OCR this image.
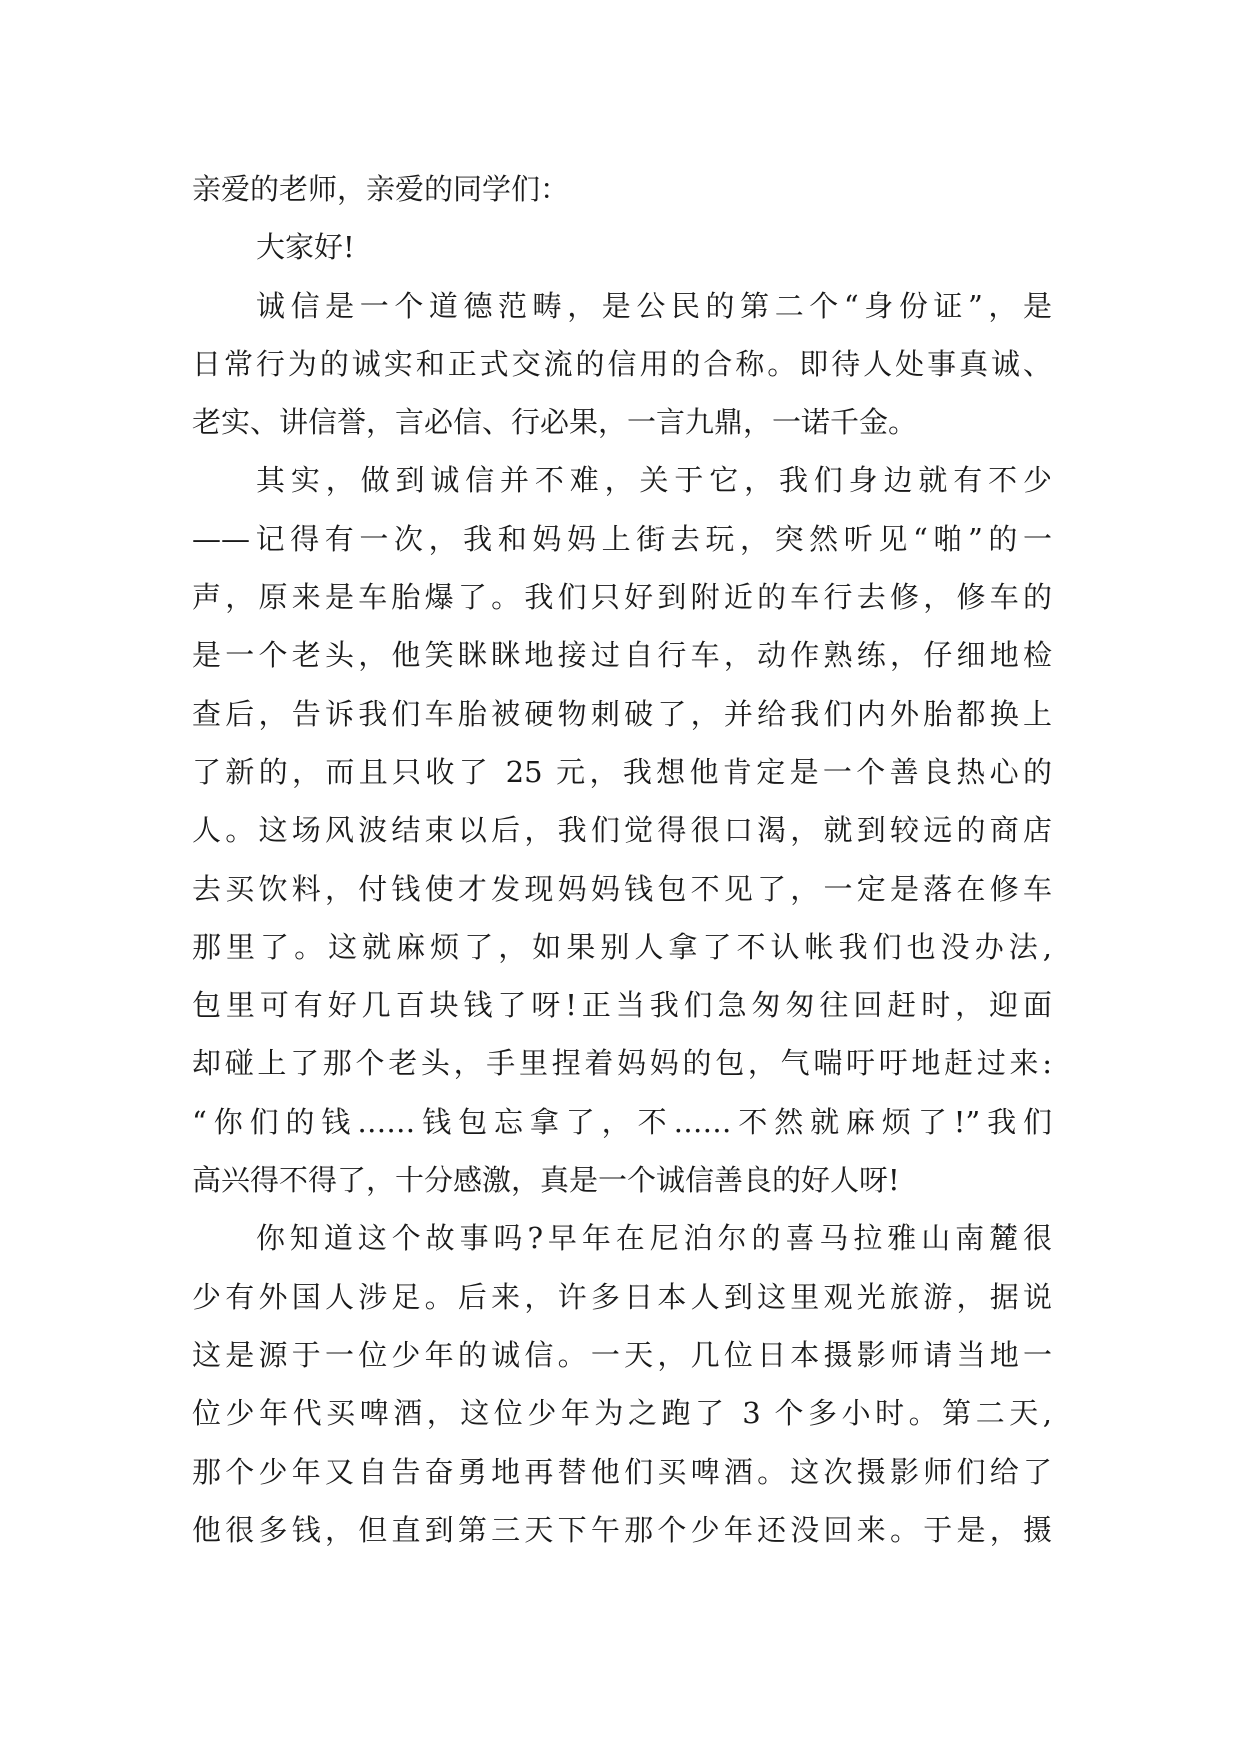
亲爱的老师，亲爱的同学们：
大家好!
诚信是一个道德范畴，是公民的第二个“身份证”，是
日常行为的诚实和正式交流的信用的合称。即待人处事真诚、
老实、讲信誉，言必信、行必果，一言九鼎，一诺千金。
其实，做到诚信并不难，关于它，我们身边就有不少
——记得有一次，我和妈妈上街去玩，突然听见“啪”的一
声，原来是车胎爆了。我们只好到附近的车行去修，修车的
是一个老头，他笑眯眯地接过自行车，动作熟练，仔细地检
查后，告诉我们车胎被硬物刺破了，并给我们内外胎都换上
了新的，而且只收了 25 元，我想他肯定是一个善良热心的
人。这场风波结束以后，我们觉得很口渴，就到较远的商店
去买饮料，付钱使才发现妈妈钱包不见了，一定是落在修车
那里了。这就麻烦了，如果别人拿了不认帐我们也没办法,
包里可有好几百块钱了呀!正当我们急匆匆往回赶时，迎面
却碰上了那个老头，手里捏着妈妈的包，气喘吁吁地赶过来:
“你们的钱……钱包忘拿了，不……不然就麻烦了!”我们
高兴得不得了，十分感激，真是一个诚信善良的好人呀!
你知道这个故事吗?早年在尼泊尔的喜马拉雅山南麓很
少有外国人涉足。后来，许多日本人到这里观光旅游，据说
这是源于一位少年的诚信。一天，几位日本摄影师请当地一
位少年代买啤酒，这位少年为之跑了 3 个多小时。第二天,
那个少年又自告奋勇地再替他们买啤酒。这次摄影师们给了
他很多钱，但直到第三天下午那个少年还没回来。于是，摄
